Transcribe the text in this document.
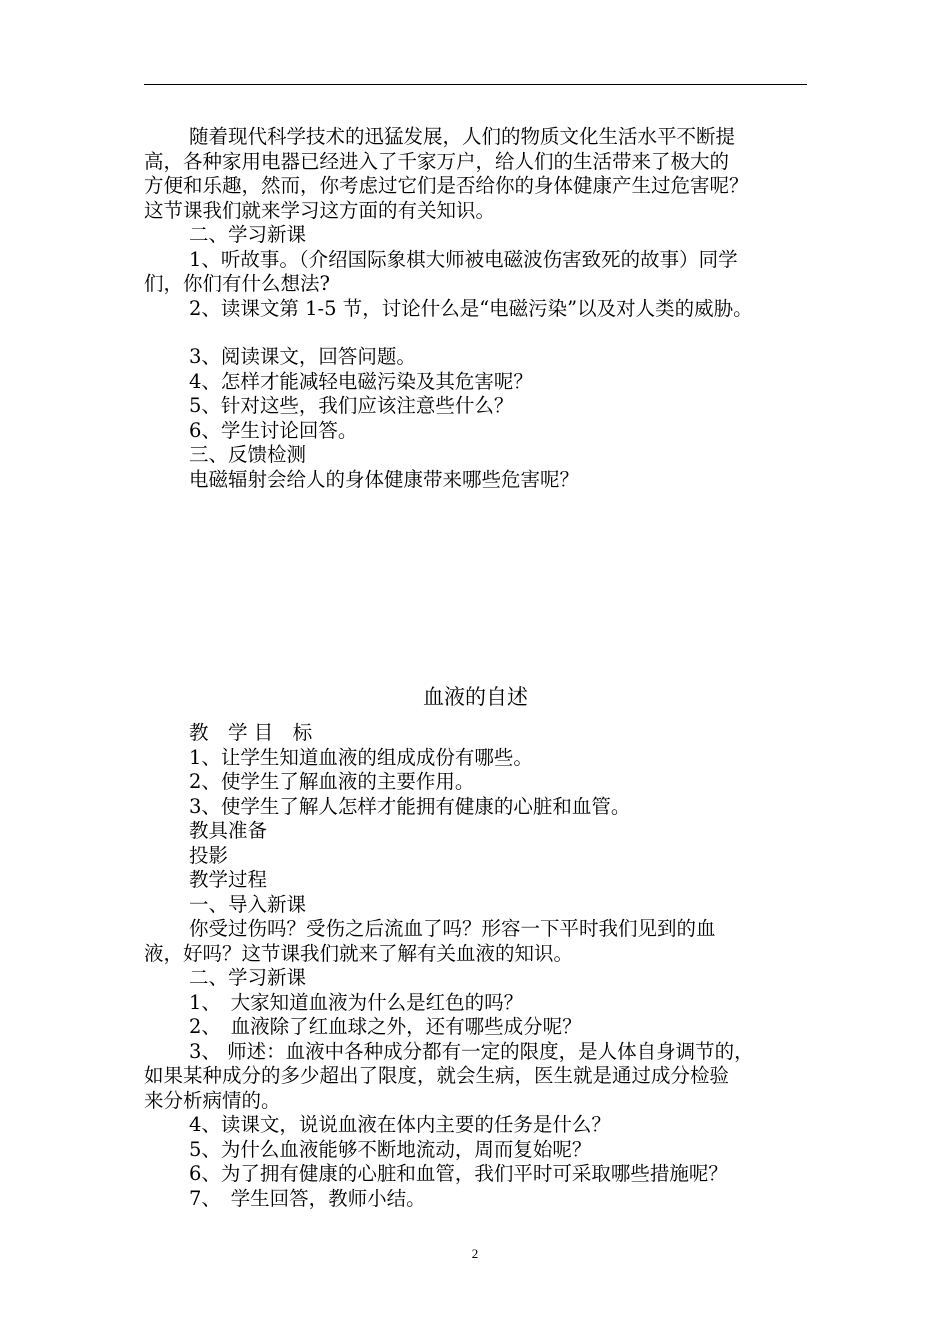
随着现代科学技术的迅猛发展，人们的物质文化生活水平不断提
高，各种家用电器已经进入了千家万户，给人们的生活带来了极大的
方便和乐趣，然而，你考虑过它们是否给你的身体健康产生过危害呢？
这节课我们就来学习这方面的有关知识。
二、学习新课
1、听故事。（介绍国际象棋大师被电磁波伤害致死的故事）同学
们，你们有什么想法?
2、读课文第 1-5 节，讨论什么是“电磁污染”以及对人类的威胁。
3、阅读课文，回答问题。
4、怎样才能减轻电磁污染及其危害呢？
5、针对这些，我们应该注意些什么？
6、学生讨论回答。
三、反馈检测
电磁辐射会给人的身体健康带来哪些危害呢？
血液的自述
教　学 目　标
1、让学生知道血液的组成成份有哪些。
2、使学生了解血液的主要作用。
3、使学生了解人怎样才能拥有健康的心脏和血管。
教具准备
投影
教学过程
一、导入新课
你受过伤吗？受伤之后流血了吗？形容一下平时我们见到的血
液，好吗？这节课我们就来了解有关血液的知识。
二、学习新课
1、　大家知道血液为什么是红色的吗？
2、　血液除了红血球之外，还有哪些成分呢？
3、 师述：血液中各种成分都有一定的限度，是人体自身调节的，
如果某种成分的多少超出了限度，就会生病，医生就是通过成分检验
来分析病情的。
4、读课文，说说血液在体内主要的任务是什么？
5、为什么血液能够不断地流动，周而复始呢？
6、为了拥有健康的心脏和血管，我们平时可采取哪些措施呢？
7、　学生回答，教师小结。
2
